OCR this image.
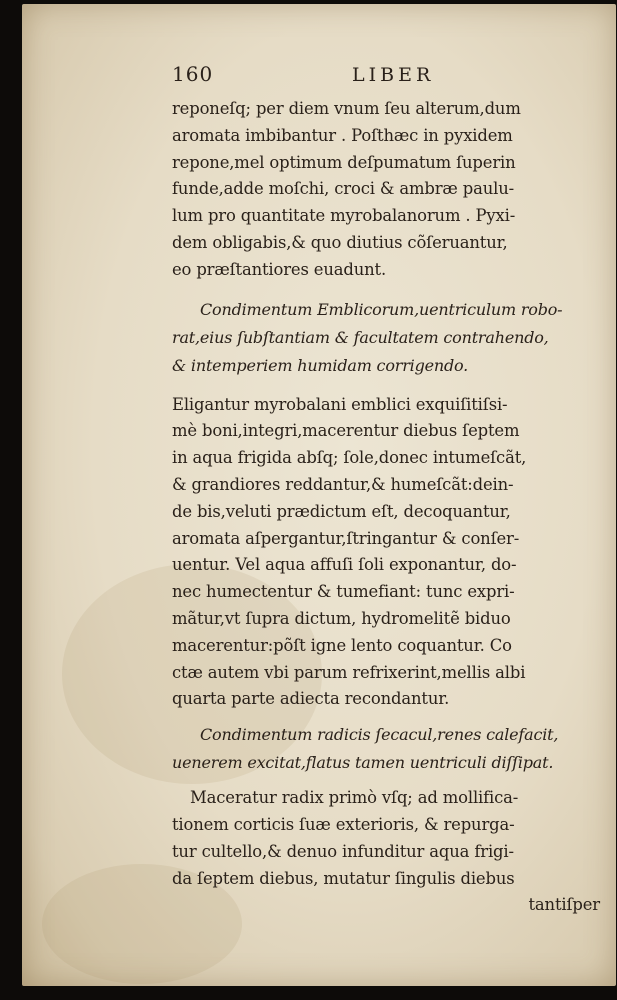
160	LIBER
reponeſq; per diem vnum ſeu alterum,dum
aromata imbibantur . Poſthæc in pyxidem
repone,mel optimum deſpumatum ſuperin
funde,adde moſchi, croci & ambræ paulu-
lum pro quantitate myrobalanorum . Pyxi-
dem obligabis,& quo diutius cõſeruantur,
eo præſtantiores euadunt.
Condimentum Emblicorum,uentriculum robo-
rat,eius ſubſtantiam & facultatem contrahendo,
& intemperiem humidam corrigendo.
Eligantur myrobalani emblici exquiſitiſsi-
mè boni,integri,macerentur diebus ſeptem
in aqua frigida abſq; ſole,donec intumeſcãt,
& grandiores reddantur,& humeſcãt:dein-
de bis,veluti prædictum eſt, decoquantur,
aromata aſpergantur,ſtringantur & conſer-
uentur. Vel aqua affuſi ſoli exponantur, do-
nec humectentur & tumefiant: tunc expri-
mãtur,vt ſupra dictum, hydromelitẽ biduo
macerentur:põſt igne lento coquantur. Co
ctæ autem vbi parum refrixerint,mellis albi
quarta parte adiecta recondantur.
Condimentum radicis ſecacul,renes calefacit,
uenerem excitat,flatus tamen uentriculi diſſipat.
Maceratur radix primò vſq; ad mollifica-
tionem corticis ſuæ exterioris, & repurga-
tur cultello,& denuo infunditur aqua frigi-
da ſeptem diebus, mutatur ſingulis diebus
tantiſper
